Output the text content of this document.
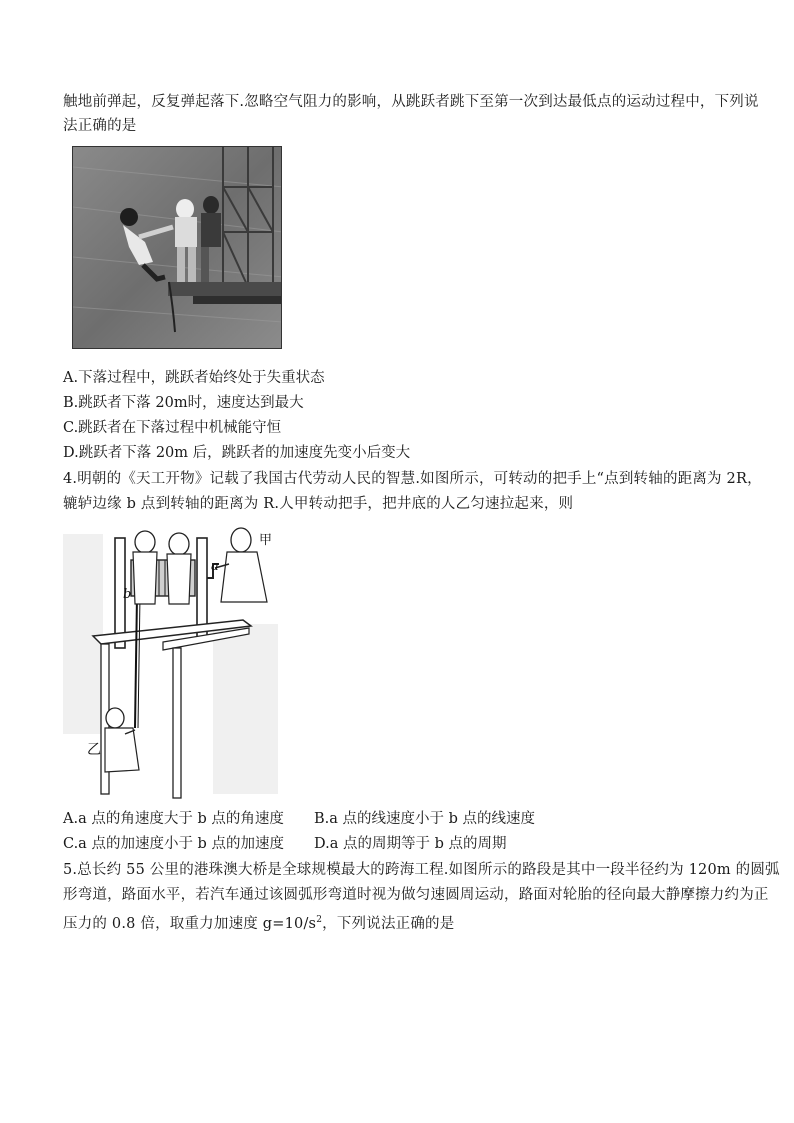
触地前弹起，反复弹起落下.忽略空气阻力的影响，从跳跃者跳下至第一次到达最低点的运动过程中，下列说
法正确的是
A.下落过程中，跳跃者始终处于失重状态
B.跳跃者下落 20m时，速度达到最大
C.跳跃者在下落过程中机械能守恒
D.跳跃者下落 20m 后，跳跃者的加速度先变小后变大
4.明朝的《天工开物》记载了我国古代劳动人民的智慧.如图所示，可转动的把手上“点到转轴的距离为 2R，
辘轳边缘 b 点到转轴的距离为 R.人甲转动把手，把井底的人乙匀速拉起来，则
b
a
甲
乙
A.a 点的角速度大于 b 点的角速度 B.a 点的线速度小于 b 点的线速度
C.a 点的加速度小于 b 点的加速度 D.a 点的周期等于 b 点的周期
5.总长约 55 公里的港珠澳大桥是全球规模最大的跨海工程.如图所示的路段是其中一段半径约为 120m 的圆弧
形弯道，路面水平，若汽车通过该圆弧形弯道时视为做匀速圆周运动，路面对轮胎的径向最大静摩擦力约为正
压力的 0.8 倍，取重力加速度 $g=10/s^2$，下列说法正确的是
